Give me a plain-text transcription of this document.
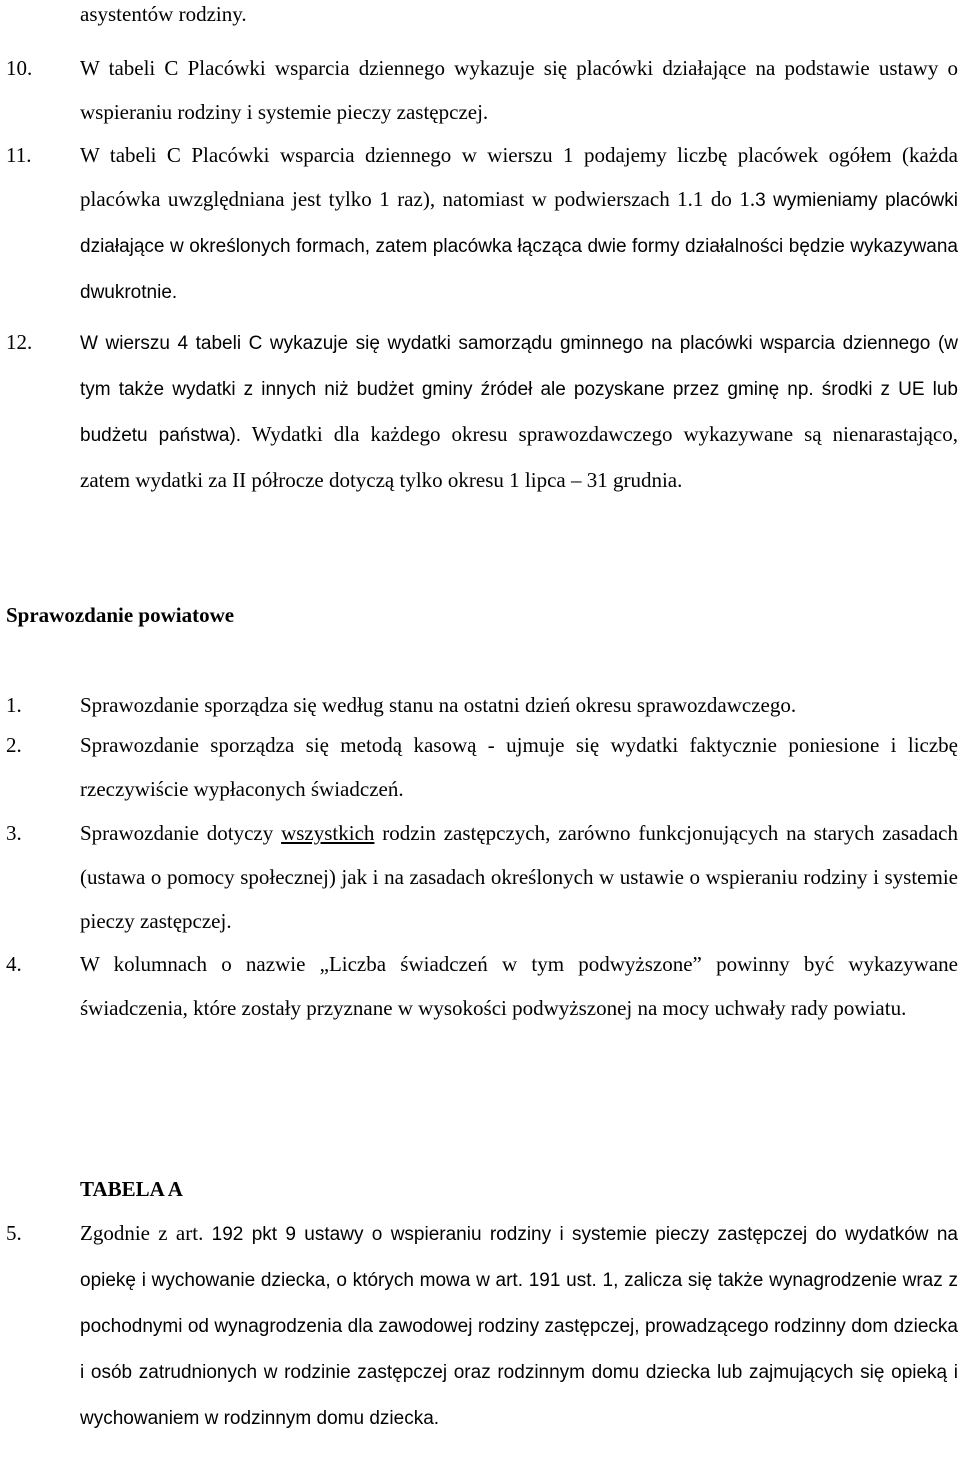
asystentów rodziny.

10.	W tabeli C Placówki wsparcia dziennego wykazuje się placówki działające na podstawie ustawy o wspieraniu rodziny i systemie pieczy zastępczej.

11.	W tabeli C Placówki wsparcia dziennego w wierszu 1 podajemy liczbę placówek ogółem (każda placówka uwzględniana jest tylko 1 raz), natomiast w podwierszach 1.1 do 1.3 wymieniamy placówki działające w określonych formach, zatem placówka łącząca dwie formy działalności będzie wykazywana dwukrotnie.

12.	W wierszu 4 tabeli C wykazuje się wydatki samorządu gminnego na placówki wsparcia dziennego (w tym także wydatki z innych niż budżet gminy źródeł ale pozyskane przez gminę np. środki z UE lub budżetu państwa). Wydatki dla każdego okresu sprawozdawczego wykazywane są nienarastająco, zatem wydatki za II półrocze dotyczą tylko okresu 1 lipca – 31 grudnia.

Sprawozdanie powiatowe
1.	Sprawozdanie sporządza się według stanu na ostatni dzień okresu sprawozdawczego.

2.	Sprawozdanie sporządza się metodą kasową - ujmuje się wydatki faktycznie poniesione i liczbę rzeczywiście wypłaconych świadczeń.

3.	Sprawozdanie dotyczy wszystkich rodzin zastępczych, zarówno funkcjonujących na starych zasadach (ustawa o pomocy społecznej) jak i na zasadach określonych w ustawie o wspieraniu rodziny i systemie pieczy zastępczej.

4.	W kolumnach o nazwie „Liczba świadczeń w tym podwyższone” powinny być wykazywane świadczenia, które zostały przyznane w wysokości podwyższonej na mocy uchwały rady powiatu.

TABELA A
5.	Zgodnie z art. 192 pkt 9 ustawy o wspieraniu rodziny i systemie pieczy zastępczej do wydatków na opiekę i wychowanie dziecka, o których mowa w art. 191 ust. 1, zalicza się także wynagrodzenie wraz z pochodnymi od wynagrodzenia dla zawodowej rodziny zastępczej, prowadzącego rodzinny dom dziecka i osób zatrudnionych w rodzinie zastępczej oraz rodzinnym domu dziecka lub zajmujących się opieką i wychowaniem w rodzinnym domu dziecka.
